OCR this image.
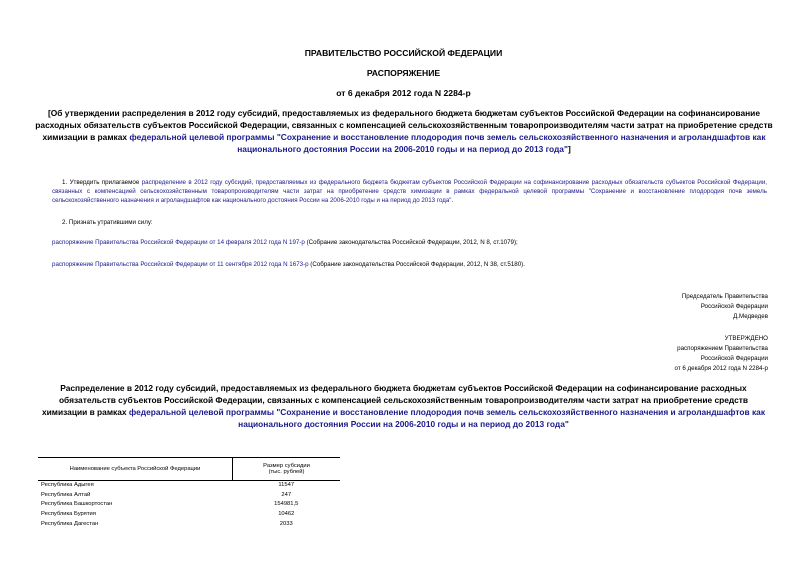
ПРАВИТЕЛЬСТВО РОССИЙСКОЙ ФЕДЕРАЦИИ
РАСПОРЯЖЕНИЕ
от 6 декабря 2012 года N 2284-р
[Об утверждении распределения в 2012 году субсидий, предоставляемых из федерального бюджета бюджетам субъектов Российской Федерации на софинансирование расходных обязательств субъектов Российской Федерации, связанных с компенсацией сельскохозяйственным товаропроизводителям части затрат на приобретение средств химизации в рамках федеральной целевой программы "Сохранение и восстановление плодородия почв земель сельскохозяйственного назначения и агроландшафтов как национального достояния России на 2006-2010 годы и на период до 2013 года"]
1. Утвердить прилагаемое распределение в 2012 году субсидий, предоставляемых из федерального бюджета бюджетам субъектов Российской Федерации на софинансирование расходных обязательств субъектов Российской Федерации, связанных с компенсацией сельскохозяйственным товаропроизводителям части затрат на приобретение средств химизации в рамках федеральной целевой программы "Сохранение и восстановление плодородия почв земель сельскохозяйственного назначения и агроландшафтов как национального достояния России на 2006-2010 годы и на период до 2013 года".
2. Признать утратившими силу:
распоряжение Правительства Российской Федерации от 14 февраля 2012 года N 197-р (Собрание законодательства Российской Федерации, 2012, N 8, ст.1079);
распоряжение Правительства Российской Федерации от 11 сентября 2012 года N 1673-р (Собрание законодательства Российской Федерации, 2012, N 38, ст.5180).
Председатель Правительства
Российской Федерации
Д.Медведев
УТВЕРЖДЕНО
распоряжением Правительства
Российской Федерации
от 6 декабря 2012 года N 2284-р
Распределение в 2012 году субсидий, предоставляемых из федерального бюджета бюджетам субъектов Российской Федерации на софинансирование расходных обязательств субъектов Российской Федерации, связанных с компенсацией сельскохозяйственным товаропроизводителям части затрат на приобретение средств химизации в рамках федеральной целевой программы "Сохранение и восстановление плодородия почв земель сельскохозяйственного назначения и агроландшафтов как национального достояния России на 2006-2010 годы и на период до 2013 года"
Наименование субъекта Российской Федерации	Размер субсидии
(тыс. рублей)

Республика Адыгея	11547
Республика Алтай	247
Республика Башкортостан	154981,5
Республика Бурятия	10462
Республика Дагестан	2033
